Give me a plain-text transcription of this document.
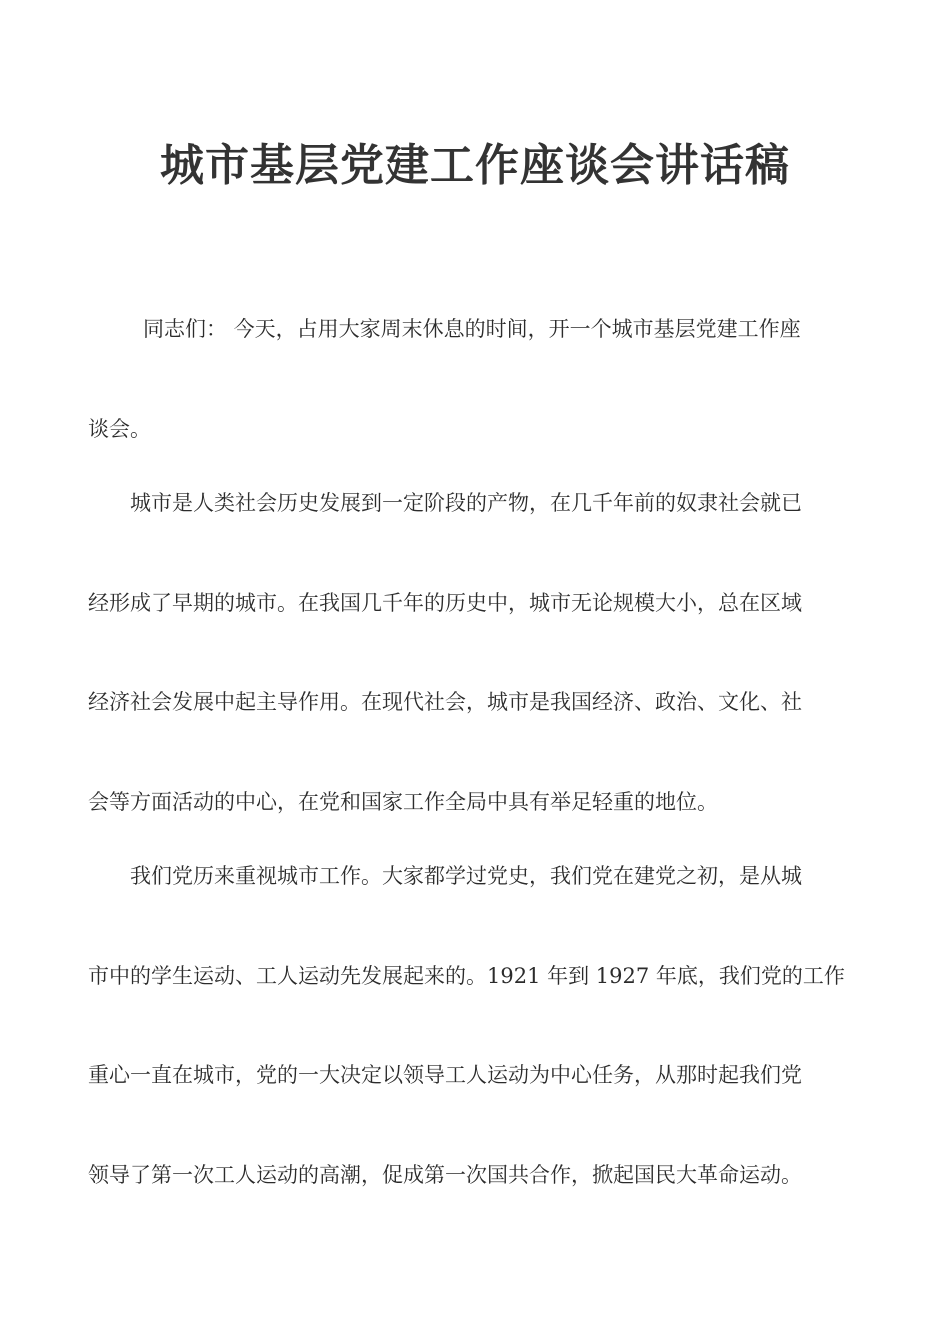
城市基层党建工作座谈会讲话稿
同志们： 今天，占用大家周末休息的时间，开一个城市基层党建工作座
谈会。
城市是人类社会历史发展到一定阶段的产物，在几千年前的奴隶社会就已
经形成了早期的城市。在我国几千年的历史中，城市无论规模大小，总在区域
经济社会发展中起主导作用。在现代社会，城市是我国经济、政治、文化、社
会等方面活动的中心，在党和国家工作全局中具有举足轻重的地位。
我们党历来重视城市工作。大家都学过党史，我们党在建党之初，是从城
市中的学生运动、工人运动先发展起来的。1921 年到 1927 年底，我们党的工作
重心一直在城市，党的一大决定以领导工人运动为中心任务，从那时起我们党
领导了第一次工人运动的高潮，促成第一次国共合作，掀起国民大革命运动。
